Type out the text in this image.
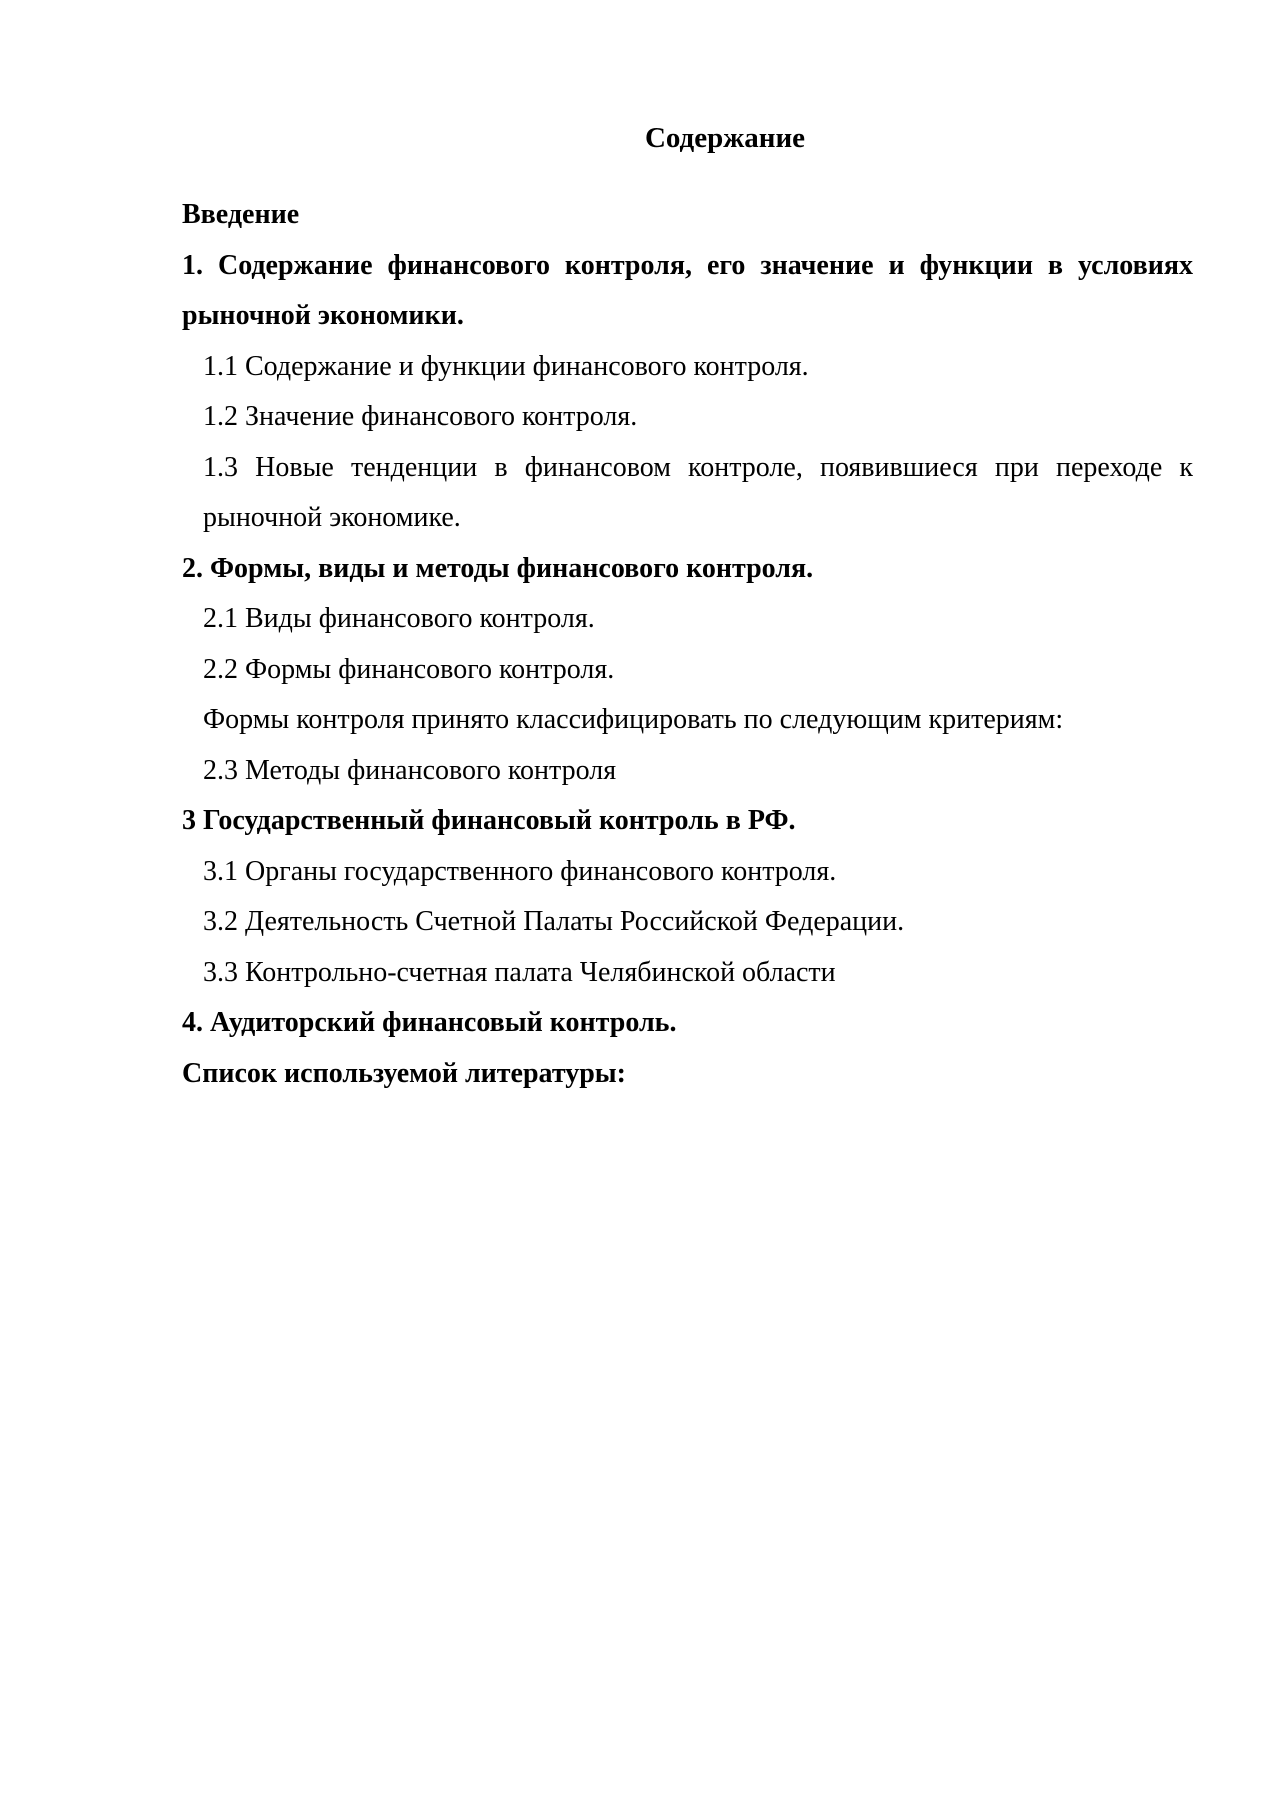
Содержание
Введение
1. Содержание финансового контроля, его значение и функции в условиях рыночной экономики.
1.1 Содержание и функции финансового контроля.
1.2 Значение финансового контроля.
1.3 Новые тенденции в финансовом контроле, появившиеся при переходе к рыночной экономике.
2. Формы, виды и методы финансового контроля.
2.1 Виды финансового контроля.
2.2 Формы финансового контроля.
Формы контроля принято классифицировать по следующим критериям:
2.3 Методы финансового контроля
3 Государственный финансовый контроль в РФ.
3.1 Органы государственного финансового контроля.
3.2 Деятельность Счетной Палаты Российской Федерации.
3.3 Контрольно-счетная палата Челябинской области
4. Аудиторский финансовый контроль.
Список используемой литературы:
